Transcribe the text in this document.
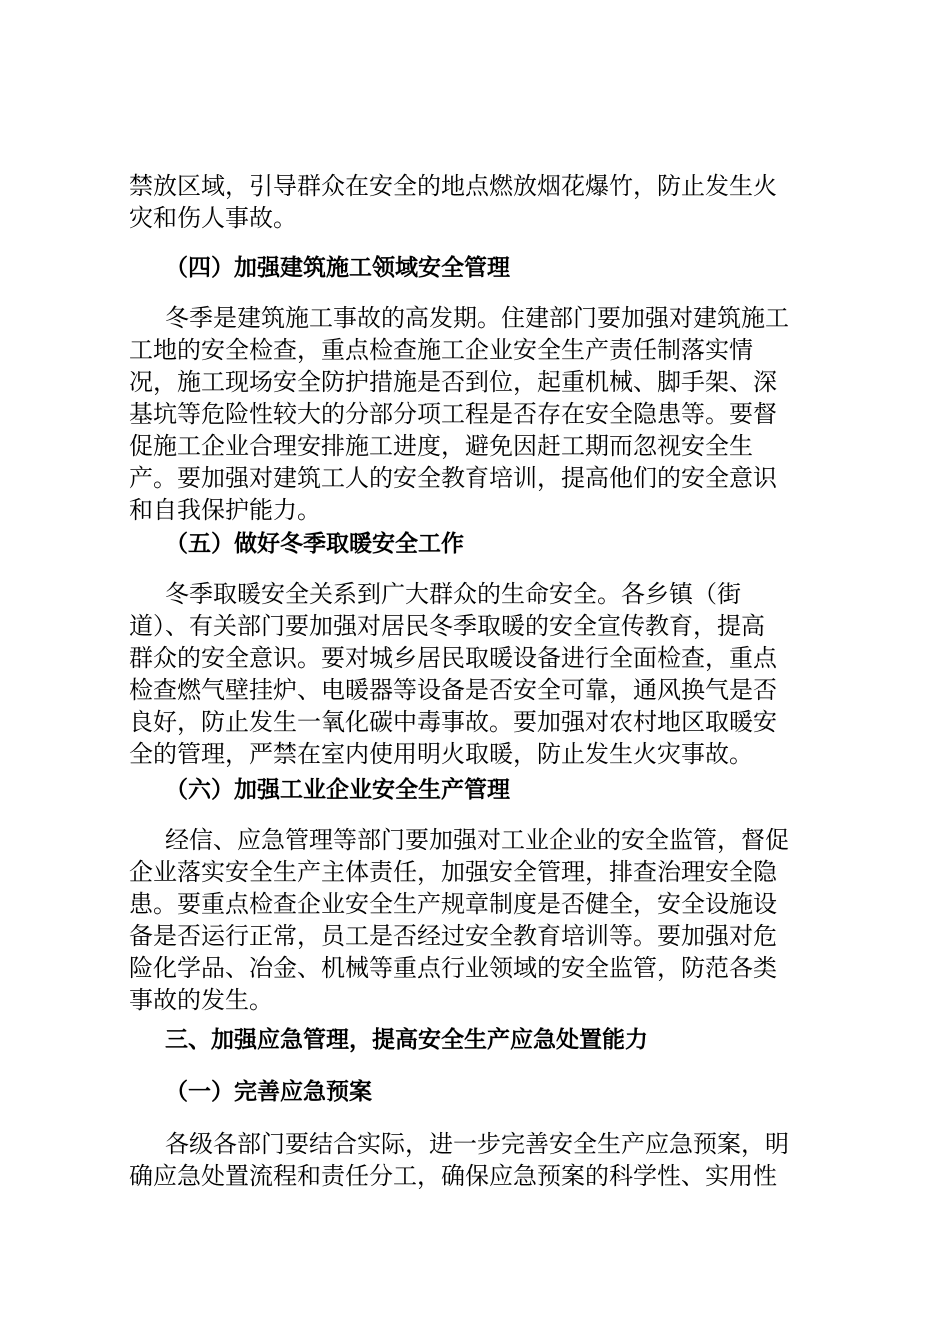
禁放区域，引导群众在安全的地点燃放烟花爆竹，防止发生火
灾和伤人事故。
（四）加强建筑施工领域安全管理
冬季是建筑施工事故的高发期。住建部门要加强对建筑施工
工地的安全检查，重点检查施工企业安全生产责任制落实情
况，施工现场安全防护措施是否到位，起重机械、脚手架、深
基坑等危险性较大的分部分项工程是否存在安全隐患等。要督
促施工企业合理安排施工进度，避免因赶工期而忽视安全生
产。要加强对建筑工人的安全教育培训，提高他们的安全意识
和自我保护能力。
（五）做好冬季取暖安全工作
冬季取暖安全关系到广大群众的生命安全。各乡镇（街
道）、有关部门要加强对居民冬季取暖的安全宣传教育，提高
群众的安全意识。要对城乡居民取暖设备进行全面检查，重点
检查燃气壁挂炉、电暖器等设备是否安全可靠，通风换气是否
良好，防止发生一氧化碳中毒事故。要加强对农村地区取暖安
全的管理，严禁在室内使用明火取暖，防止发生火灾事故。
（六）加强工业企业安全生产管理
经信、应急管理等部门要加强对工业企业的安全监管，督促
企业落实安全生产主体责任，加强安全管理，排查治理安全隐
患。要重点检查企业安全生产规章制度是否健全，安全设施设
备是否运行正常，员工是否经过安全教育培训等。要加强对危
险化学品、冶金、机械等重点行业领域的安全监管，防范各类
事故的发生。
三、加强应急管理，提高安全生产应急处置能力
（一）完善应急预案
各级各部门要结合实际，进一步完善安全生产应急预案，明
确应急处置流程和责任分工，确保应急预案的科学性、实用性
